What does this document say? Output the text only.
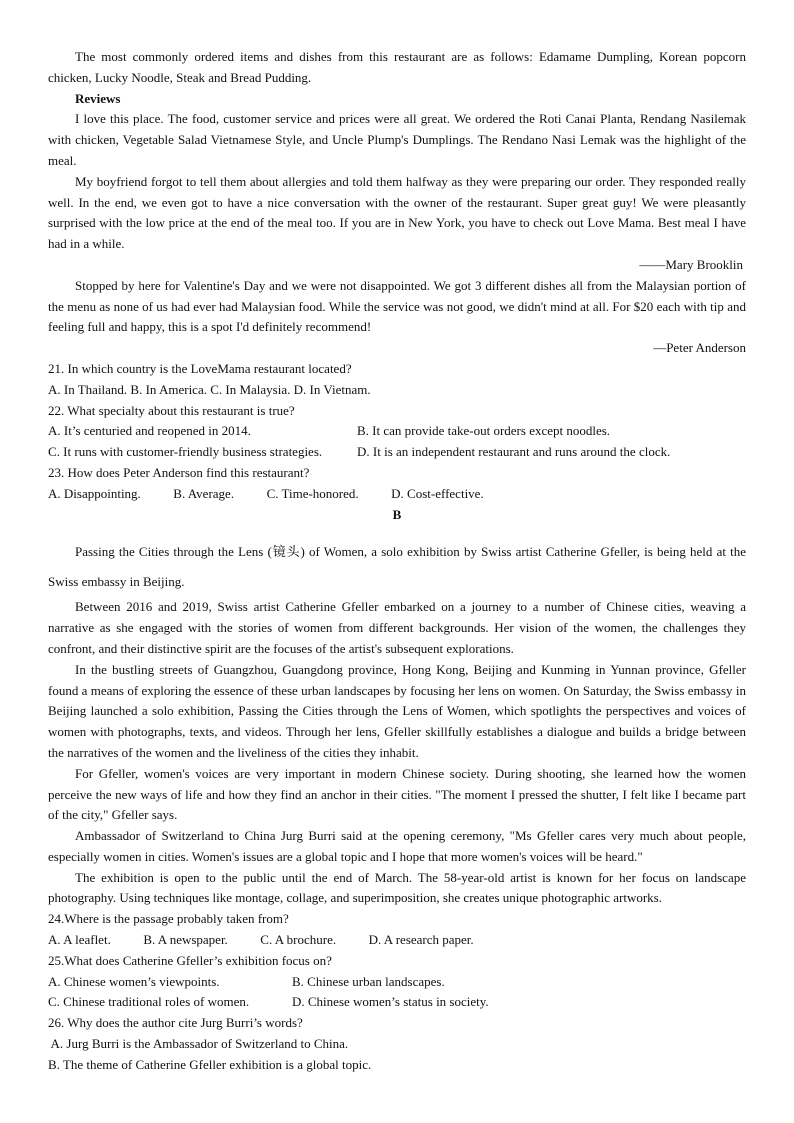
The most commonly ordered items and dishes from this restaurant are as follows: Edamame Dumpling, Korean popcorn chicken, Lucky Noodle, Steak and Bread Pudding.

Reviews

I love this place. The food, customer service and prices were all great. We ordered the Roti Canai Planta, Rendang Nasilemak with chicken, Vegetable Salad Vietnamese Style, and Uncle Plump's Dumplings. The Rendano Nasi Lemak was the highlight of the meal.

My boyfriend forgot to tell them about allergies and told them halfway as they were preparing our order. They responded really well. In the end, we even got to have a nice conversation with the owner of the restaurant. Super great guy! We were pleasantly surprised with the low price at the end of the meal too. If you are in New York, you have to check out Love Mama. Best meal I have had in a while.

——Mary Brooklin

Stopped by here for Valentine's Day and we were not disappointed. We got 3 different dishes all from the Malaysian portion of the menu as none of us had ever had Malaysian food. While the service was not good, we didn't mind at all. For $20 each with tip and feeling full and happy, this is a spot I'd definitely recommend!

—Peter Anderson

21. In which country is the LoveMama restaurant located?

A. In Thailand. B. In America. C. In Malaysia. D. In Vietnam.

22. What specialty about this restaurant is true?

A. It’s centuried and reopened in 2014.	B. It can provide take-out orders except noodles.
C. It runs with customer-friendly business strategies.	D. It is an independent restaurant and runs around the clock.

23. How does Peter Anderson find this restaurant?

A. Disappointing.          B. Average.          C. Time-honored.          D. Cost-effective.

B

Passing the Cities through the Lens (镜头) of Women, a solo exhibition by Swiss artist Catherine Gfeller, is being held at the Swiss embassy in Beijing.

Between 2016 and 2019, Swiss artist Catherine Gfeller embarked on a journey to a number of Chinese cities, weaving a narrative as she engaged with the stories of women from different backgrounds. Her vision of the women, the challenges they confront, and their distinctive spirit are the focuses of the artist's subsequent explorations.

In the bustling streets of Guangzhou, Guangdong province, Hong Kong, Beijing and Kunming in Yunnan province, Gfeller found a means of exploring the essence of these urban landscapes by focusing her lens on women. On Saturday, the Swiss embassy in Beijing launched a solo exhibition, Passing the Cities through the Lens of Women, which spotlights the perspectives and voices of women with photographs, texts, and videos. Through her lens, Gfeller skillfully establishes a dialogue and builds a bridge between the narratives of the women and the liveliness of the cities they inhabit.

For Gfeller, women's voices are very important in modern Chinese society. During shooting, she learned how the women perceive the new ways of life and how they find an anchor in their cities. "The moment I pressed the shutter, I felt like I became part of the city," Gfeller says.

Ambassador of Switzerland to China Jurg Burri said at the opening ceremony, "Ms Gfeller cares very much about people, especially women in cities. Women's issues are a global topic and I hope that more women's voices will be heard."

The exhibition is open to the public until the end of March. The 58-year-old artist is known for her focus on landscape photography. Using techniques like montage, collage, and superimposition, she creates unique photographic artworks.

24.Where is the passage probably taken from?

A. A leaflet.          B. A newspaper.          C. A brochure.          D. A research paper.

25.What does Catherine Gfeller’s exhibition focus on?

A. Chinese women’s viewpoints.	B. Chinese urban landscapes.
C. Chinese traditional roles of women.	D. Chinese women’s status in society.

26. Why does the author cite Jurg Burri’s words?

A. Jurg Burri is the Ambassador of Switzerland to China.

B. The theme of Catherine Gfeller exhibition is a global topic.
